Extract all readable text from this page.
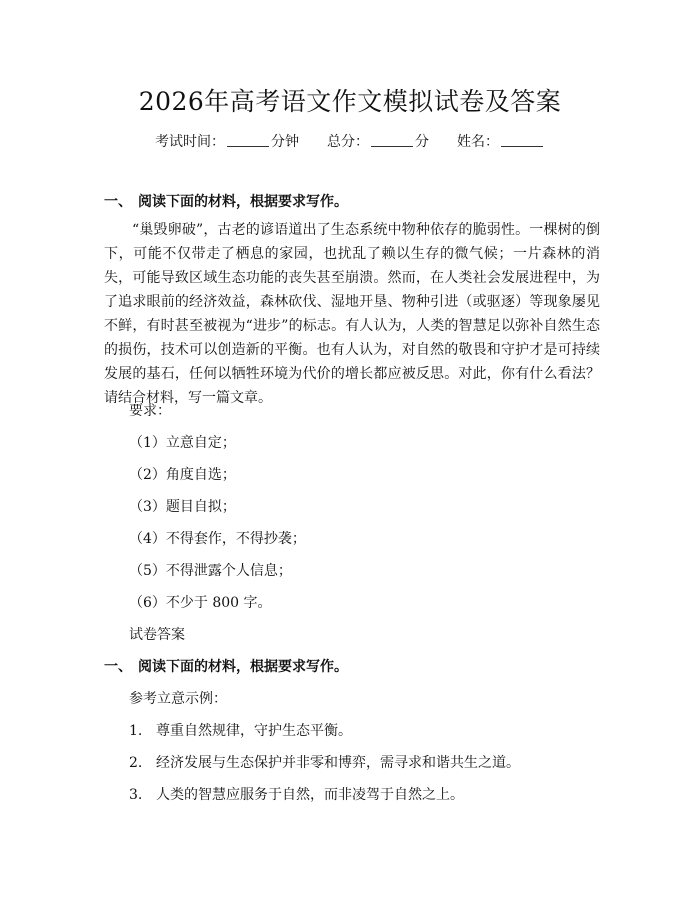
2026年高考语文作文模拟试卷及答案
考试时间：	分钟 总分：	分 姓名：
一、 阅读下面的材料，根据要求写作。
“巢毁卵破”，古老的谚语道出了生态系统中物种依存的脆弱性。一棵树的倒下，可能不仅带走了栖息的家园，也扰乱了赖以生存的微气候；一片森林的消失，可能导致区域生态功能的丧失甚至崩溃。然而，在人类社会发展进程中，为了追求眼前的经济效益，森林砍伐、湿地开垦、物种引进（或驱逐）等现象屡见不鲜，有时甚至被视为“进步”的标志。有人认为，人类的智慧足以弥补自然生态的损伤，技术可以创造新的平衡。也有人认为，对自然的敬畏和守护才是可持续发展的基石，任何以牺牲环境为代价的增长都应被反思。对此，你有什么看法？请结合材料，写一篇文章。
要求：
（1）立意自定；
（2）角度自选；
（3）题目自拟；
（4）不得套作，不得抄袭；
（5）不得泄露个人信息；
（6）不少于 800 字。
试卷答案
一、 阅读下面的材料，根据要求写作。
参考立意示例：
1. 尊重自然规律，守护生态平衡。
2. 经济发展与生态保护并非零和博弈，需寻求和谐共生之道。
3. 人类的智慧应服务于自然，而非凌驾于自然之上。
